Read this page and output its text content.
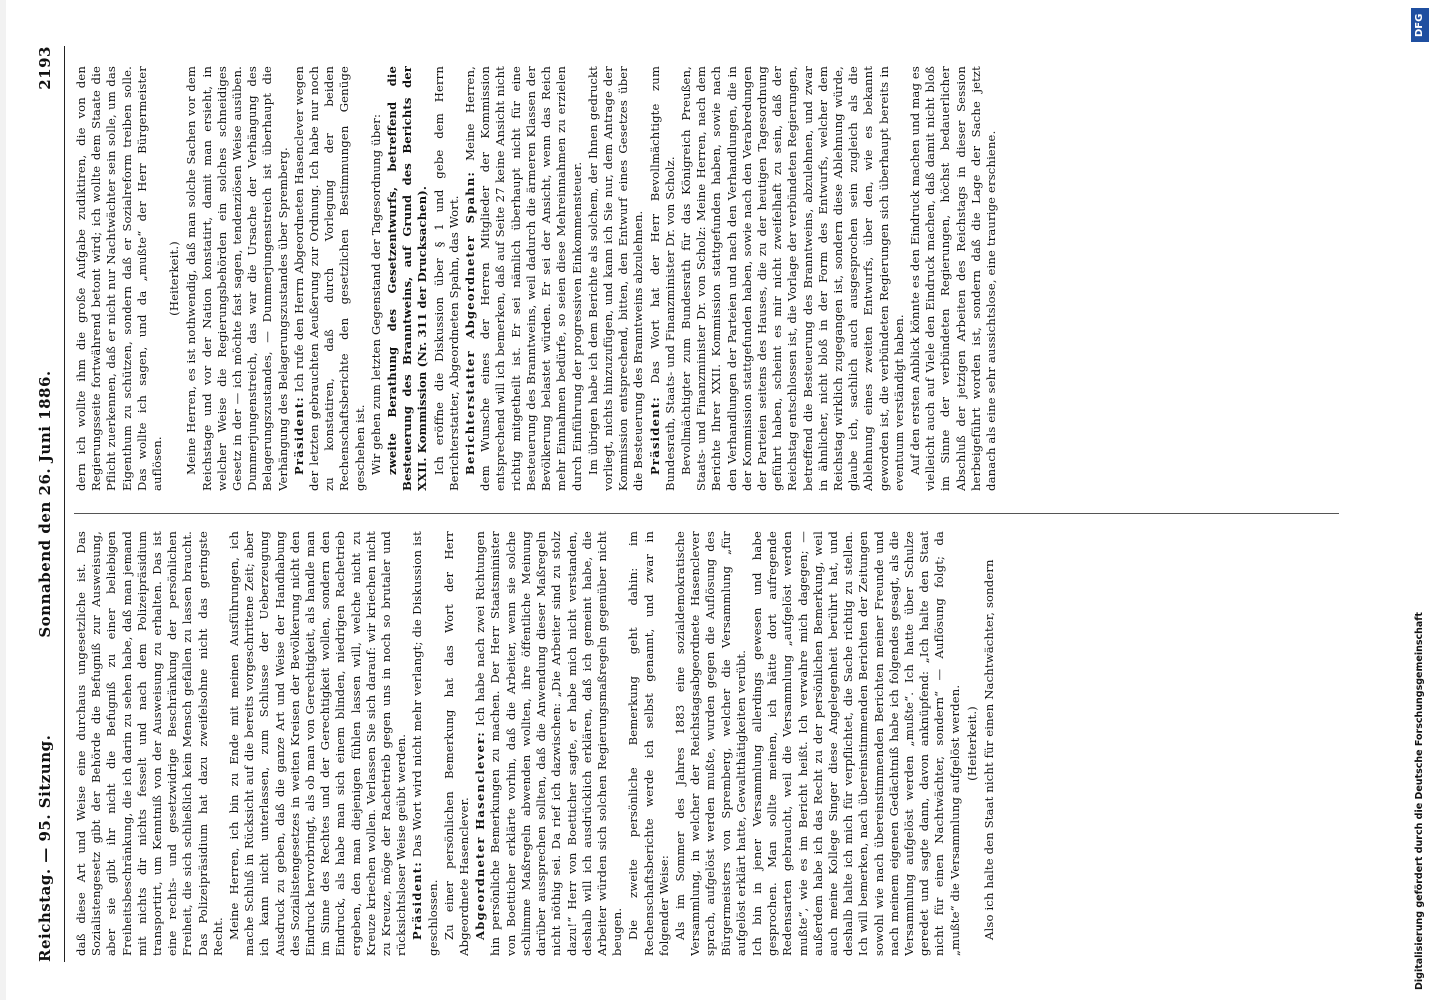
Reichstag. — 95. Sitzung.
Sonnabend den 26. Juni 1886.
2193

daß diese Art und Weise eine durchaus ungesetzliche ist. Das Sozialistengesetz gibt der Behörde die Befugniß zur Ausweisung, aber sie gibt ihr nicht die Befugniß zu einer beliebigen Freiheitsbeschränkung, die ich darin zu sehen habe, daß man jemand mit nichts dir nichts fesselt und nach dem Polizeipräsidium transportirt, um Kenntniß von der Ausweisung zu erhalten. Das ist eine rechts- und gesetzwidrige Beschränkung der persönlichen Freiheit, die sich schließlich kein Mensch gefallen zu lassen braucht. Das Polizeipräsidium hat dazu zweifelsohne nicht das geringste Recht. Meine Herren, ich bin zu Ende mit meinen Ausführungen, ich mache Schluß in Rücksicht auf die bereits vorgeschrittene Zeit; aber ich kann nicht unterlassen, zum Schlusse der Ueberzeugung Ausdruck zu geben, daß die ganze Art und Weise der Handhabung des Sozialistengesetzes in weiten Kreisen der Bevölkerung nicht den Eindruck hervorbringt, als ob man von Gerechtigkeit, als handle man im Sinne des Rechtes und der Gerechtigkeit wollen, sondern den Eindruck, als habe man sich einem blinden, niedrigen Rachetrieb ergeben, den man diejenigen fühlen lassen will, welche nicht zu Kreuze kriechen wollen. Verlassen Sie sich darauf: wir kriechen nicht zu Kreuze, möge der Rachetrieb gegen uns in noch so brutaler und rücksichtsloser Weise geübt werden. Präsident: Das Wort wird nicht mehr verlangt; die Diskussion ist geschlossen. Zu einer persönlichen Bemerkung hat das Wort der Herr Abgeordnete Hasenclever. Abgeordneter Hasenclever: Ich habe nach zwei Richtungen hin persönliche Bemerkungen zu machen. Der Herr Staatsminister von Boetticher erklärte vorhin, daß die Arbeiter, wenn sie solche schlimme Maßregeln abwenden wollten, ihre öffentliche Meinung darüber aussprechen sollten, daß die Anwendung dieser Maßregeln nicht nöthig sei. Da rief ich dazwischen: „Die Arbeiter sind zu stolz dazu!“ Herr von Boetticher sagte, er habe mich nicht verstanden, deshalb will ich ausdrücklich erklären, daß ich gemeint habe, die Arbeiter würden sich solchen Regierungsmaßregeln gegenüber nicht beugen. Die zweite persönliche Bemerkung geht dahin: im Rechenschaftsberichte werde ich selbst genannt, und zwar in folgender Weise: Als im Sommer des Jahres 1883 eine sozialdemokratische Versammlung, in welcher der Reichstagsabgeordnete Hasenclever sprach, aufgelöst werden mußte, wurden gegen die Auflösung des Bürgermeisters von Spremberg, welcher die Versammlung „für aufgelöst erklärt hatte, Gewaltthätigkeiten verübt. Ich bin in jener Versammlung allerdings gewesen und habe gesprochen. Man sollte meinen, ich hätte dort aufregende Redensarten gebraucht, weil die Versammlung „aufgelöst werden mußte“, wie es im Bericht heißt. Ich verwahre mich dagegen; — außerdem habe ich das Recht zu der persönlichen Bemerkung, weil auch meine Kollege Singer diese Angelegenheit berührt hat, und deshalb halte ich mich für verpflichtet, die Sache richtig zu stellen. Ich will bemerken, nach übereinstimmenden Berichten der Zeitungen sowohl wie nach übereinstimmenden Berichten meiner Freunde und nach meinem eigenen Gedächtniß habe ich folgendes gesagt, als die Versammlung aufgelöst werden „mußte“. Ich hatte über Schulze geredet und sagte dann, davon anknüpfend: „Ich halte den Staat nicht für einen Nachtwächter, sondern“ — Auflösung folgt; da „mußte“ die Versammlung aufgelöst werden. (Heiterkeit.) Also ich halte den Staat nicht für einen Nachtwächter, sondern

dern ich wollte ihm die große Aufgabe zudiktiren, die von den Regierungsseite fortwährend betont wird; ich wollte dem Staate die Pflicht zuerkennen, daß er nicht nur Nachtwächter sein solle, um das Eigenthum zu schützen, sondern daß er Sozialreform treiben solle. Das wollte ich sagen, und da „mußte“ der Herr Bürgermeister auflösen.

(Heiterkeit.) Meine Herren, es ist nothwendig, daß man solche Sachen vor dem Reichstage und vor der Nation konstatirt, damit man ersieht, in welcher Weise die Regierungsbehörden ein solches schneidiges Gesetz in der — ich möchte fast sagen, tendenziösen Weise ausüben. Dummerjungenstreich, das war die Ursache der Verhängung des Belagerungszustandes, — Dummerjungenstreich ist überhaupt die Verhängung des Belagerungszustandes über Spremberg. Präsident: Ich rufe den Herrn Abgeordneten Hasenclever wegen der letzten gebrauchten Aeußerung zur Ordnung. Ich habe nur noch zu konstatiren, daß durch Vorlegung der beiden Rechenschaftsberichte den gesetzlichen Bestimmungen Genüge geschehen ist. Wir gehen zum letzten Gegenstand der Tagesordnung über: zweite Berathung des Gesetzentwurfs, betreffend die Besteuerung des Branntweins, auf Grund des Berichts der XXII. Kommission (Nr. 311 der Drucksachen). Ich eröffne die Diskussion über § 1 und gebe dem Herrn Berichterstatter, Abgeordneten Spahn, das Wort. Berichterstatter Abgeordneter Spahn: Meine Herren, dem Wunsche eines der Herren Mitglieder der Kommission entsprechend will ich bemerken, daß auf Seite 27 keine Ansicht nicht richtig mitgetheilt ist. Er sei nämlich überhaupt nicht für eine Besteuerung des Branntweins, weil dadurch die ärmeren Klassen der Bevölkerung belastet würden. Er sei der Ansicht, wenn das Reich mehr Einnahmen bedürfe, so seien diese Mehreinnahmen zu erzielen durch Einführung der progressiven Einkommensteuer. Im übrigen habe ich dem Berichte als solchem, der Ihnen gedruckt vorliegt, nichts hinzuzufügen, und kann ich Sie nur, dem Antrage der Kommission entsprechend, bitten, den Entwurf eines Gesetzes über die Besteuerung des Branntweins abzulehnen. Präsident: Das Wort hat der Herr Bevollmächtigte zum Bundesrath, Staats- und Finanzminister Dr. von Scholz. Bevollmächtigter zum Bundesrath für das Königreich Preußen, Staats- und Finanzminister Dr. von Scholz: Meine Herren, nach dem Berichte Ihrer XXII. Kommission stattgefunden haben, sowie nach den Verhandlungen der Parteien und nach den Verhandlungen, die in der Kommission stattgefunden haben, sowie nach den Verabredungen der Parteien seitens des Hauses, die zu der heutigen Tagesordnung geführt haben, scheint es mir nicht zweifelhaft zu sein, daß der Reichstag entschlossen ist, die Vorlage der verbündeten Regierungen, betreffend die Besteuerung des Branntweins, abzulehnen, und zwar in ähnlicher, nicht bloß in der Form des Entwurfs, welcher dem Reichstag wirklich zugegangen ist, sondern diese Ablehnung würde, glaube ich, sachlich auch ausgesprochen sein zugleich als die Ablehnung eines zweiten Entwurfs, über den, wie es bekannt geworden ist, die verbündeten Regierungen sich überhaupt bereits in eventuum verständigt haben. Auf den ersten Anblick könnte es den Eindruck machen und mag es vielleicht auch auf Viele den Eindruck machen, daß damit nicht bloß im Sinne der verbündeten Regierungen, höchst bedauerlicher Abschluß der jetzigen Arbeiten des Reichstags in dieser Session herbeigeführt worden ist, sondern daß die Lage der Sache jetzt danach als eine sehr aussichtslose, eine traurige erschiene.

DFG
Digitalisierung gefördert durch die Deutsche Forschungsgemeinschaft
